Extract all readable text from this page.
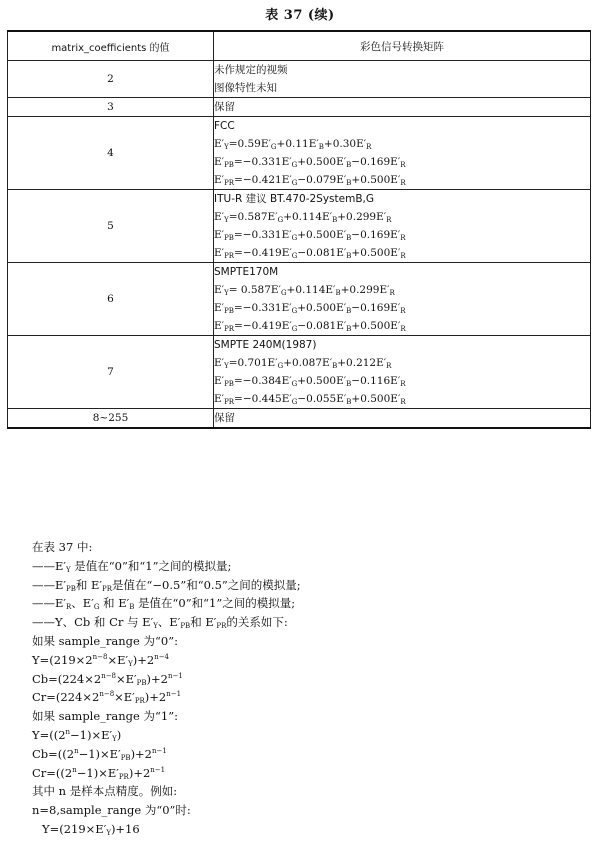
表 37 (续)
matrix_coefficients 的值	彩色信号转换矩阵
2	未作规定的视频
图像特性未知

3	保留

4	FCC
$E'_Y=0.59E'_G+0.11E'_B+0.30E'_R$
$E'_{PB}=-0.331E'_G+0.500E'_B-0.169E'_R$
$E'_{PR}=-0.421E'_G-0.079E'_B+0.500E'_R$

5	ITU-R 建议 BT.470-2SystemB,G
$E'_Y=0.587E'_G+0.114E'_B+0.299E'_R$
$E'_{PB}=-0.331E'_G+0.500E'_B-0.169E'_R$
$E'_{PR}=-0.419E'_G-0.081E'_B+0.500E'_R$

6	SMPTE170M
$E'_Y= 0.587E'_G+0.114E'_B+0.299E'_R$
$E'_{PB}=-0.331E'_G+0.500E'_B-0.169E'_R$
$E'_{PR}=-0.419E'_G-0.081E'_B+0.500E'_R$

7	SMPTE 240M(1987)
$E'_Y=0.701E'_G+0.087E'_B+0.212E'_R$
$E'_{PB}=-0.384E'_G+0.500E'_B-0.116E'_R$
$E'_{PR}=-0.445E'_G-0.055E'_B+0.500E'_R$

8~255	保留
在表 37 中:
$——E'_Y$ 是值在“0”和“1”之间的模拟量;
$——E'_{PB}$和 $E'_{PR}$是值在“−0.5”和“0.5”之间的模拟量;
$——E'_R$、$E'_G$ 和 $E'_B$ 是值在“0”和“1”之间的模拟量;
——Y、Cb 和 Cr 与 $E'_Y$、$E'_{PB}$和 $E'_{PR}$的关系如下:
如果 sample_range 为“0”:
$Y=(219\times 2^{n-8}\times E'_Y)+2^{n-4}$
$Cb=(224\times 2^{n-8}\times E'_{PB})+2^{n-1}$
$Cr=(224\times 2^{n-8}\times E'_{PR})+2^{n-1}$
如果 sample_range 为“1”:
$Y=((2^n-1)\times E'_Y)$
$Cb=((2^n-1)\times E'_{PB})+2^{n-1}$
$Cr=((2^n-1)\times E'_{PR})+2^{n-1}$
其中 n 是样本点精度。例如:
n=8,sample_range 为“0”时:
$Y=(219\times E'_Y)+16$
